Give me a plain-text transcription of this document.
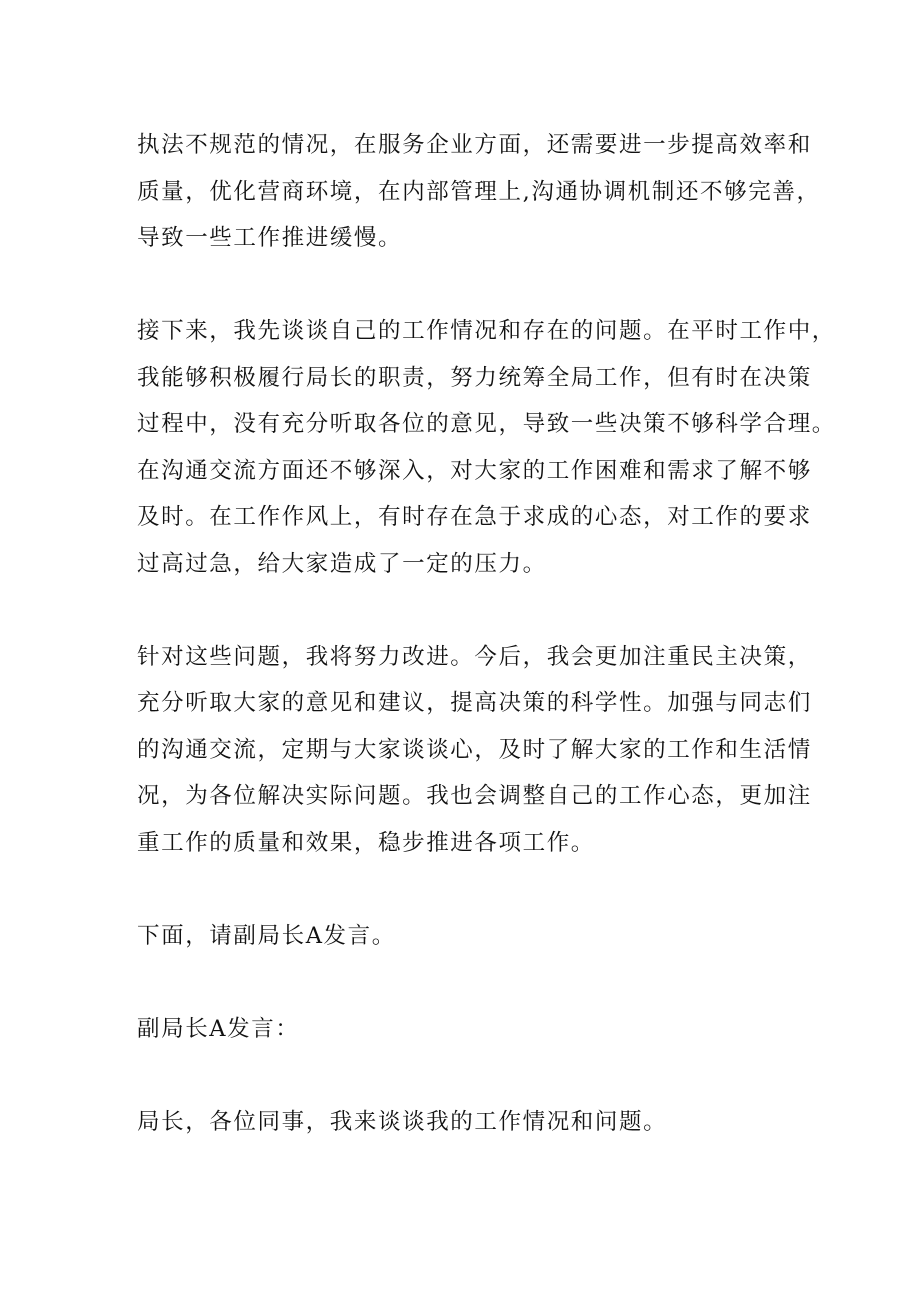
执法不规范的情况，在服务企业方面，还需要进一步提高效率和
质量，优化营商环境，在内部管理上,沟通协调机制还不够完善，
导致一些工作推进缓慢。
接下来，我先谈谈自己的工作情况和存在的问题。在平时工作中，
我能够积极履行局长的职责，努力统筹全局工作，但有时在决策
过程中，没有充分听取各位的意见，导致一些决策不够科学合理。
在沟通交流方面还不够深入，对大家的工作困难和需求了解不够
及时。在工作作风上，有时存在急于求成的心态，对工作的要求
过高过急，给大家造成了一定的压力。
针对这些问题，我将努力改进。今后，我会更加注重民主决策，
充分听取大家的意见和建议，提高决策的科学性。加强与同志们
的沟通交流，定期与大家谈谈心，及时了解大家的工作和生活情
况，为各位解决实际问题。我也会调整自己的工作心态，更加注
重工作的质量和效果，稳步推进各项工作。
下面，请副局长A发言。
副局长A发言：
局长，各位同事，我来谈谈我的工作情况和问题。
